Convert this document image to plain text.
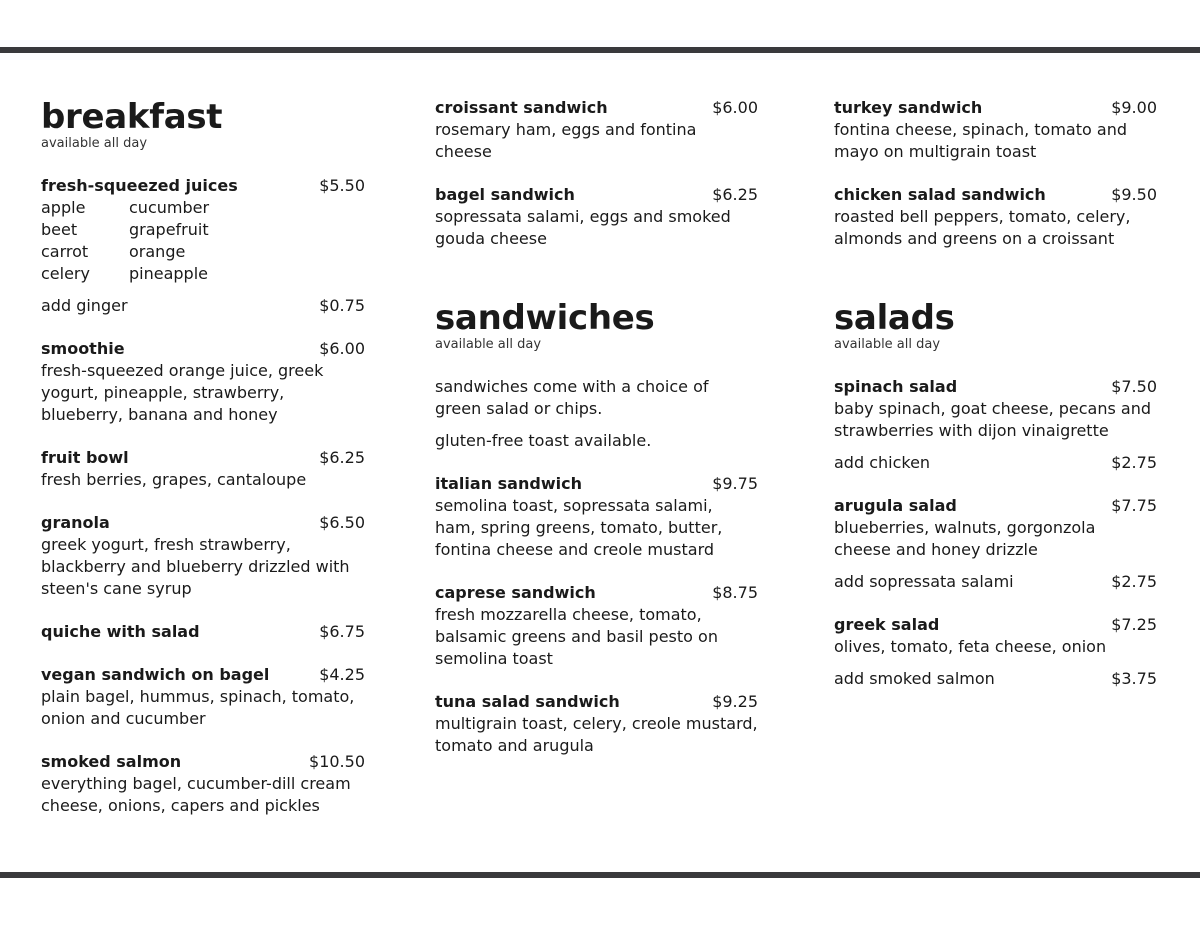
breakfast
available all day
fresh-squeezed juices	$5.50
apple	cucumber
beet	grapefruit
carrot	orange
celery	pineapple
add ginger	$0.75
smoothie	$6.00
fresh-squeezed orange juice, greek yogurt, pineapple, strawberry, blueberry, banana and honey
fruit bowl	$6.25
fresh berries, grapes, cantaloupe
granola	$6.50
greek yogurt, fresh strawberry, blackberry and blueberry drizzled with steen's cane syrup
quiche with salad	$6.75
vegan sandwich on bagel	$4.25
plain bagel, hummus, spinach, tomato, onion and cucumber
smoked salmon	$10.50
everything bagel, cucumber-dill cream cheese, onions, capers and pickles
croissant sandwich	$6.00
rosemary ham, eggs and fontina cheese
bagel sandwich	$6.25
sopressata salami, eggs and smoked gouda cheese
sandwiches
available all day
sandwiches come with a choice of green salad or chips.
gluten-free toast available.
italian sandwich	$9.75
semolina toast, sopressata salami, ham, spring greens, tomato, butter, fontina cheese and creole mustard
caprese sandwich	$8.75
fresh mozzarella cheese, tomato, balsamic greens and basil pesto on semolina toast
tuna salad sandwich	$9.25
multigrain toast, celery, creole mustard, tomato and arugula
turkey sandwich	$9.00
fontina cheese, spinach, tomato and mayo on multigrain toast
chicken salad sandwich	$9.50
roasted bell peppers, tomato, celery, almonds and greens on a croissant
salads
available all day
spinach salad	$7.50
baby spinach, goat cheese, pecans and strawberries with dijon vinaigrette
add chicken	$2.75
arugula salad	$7.75
blueberries, walnuts, gorgonzola cheese and honey drizzle
add sopressata salami	$2.75
greek salad	$7.25
olives, tomato, feta cheese, onion
add smoked salmon	$3.75
